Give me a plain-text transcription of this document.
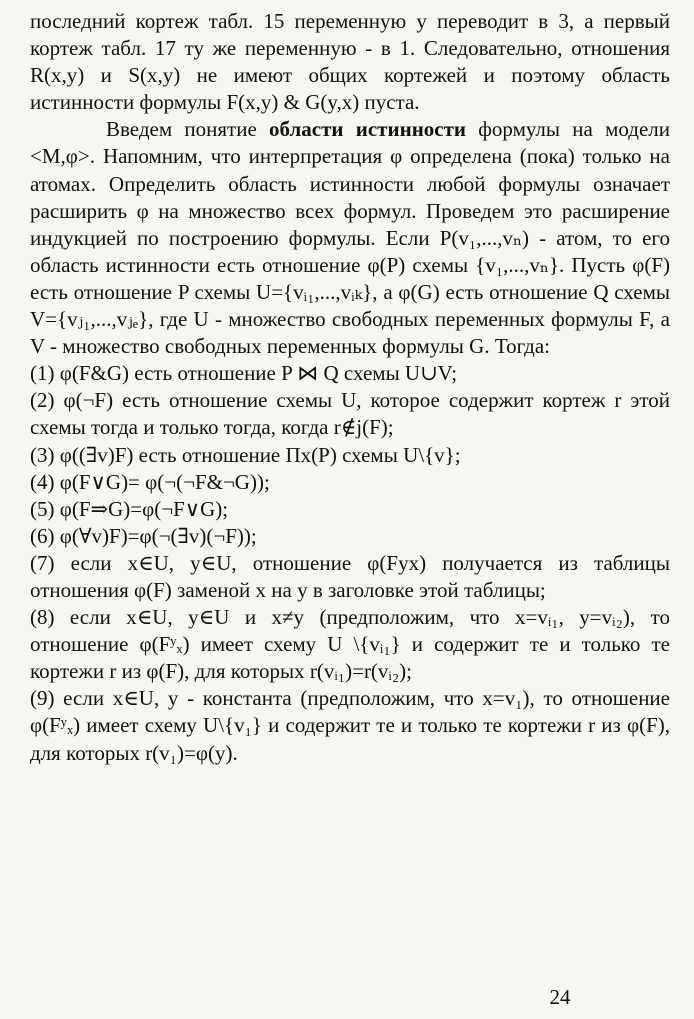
последний кортеж табл. 15 переменную у переводит в 3, а первый кортеж табл. 17 ту же переменную - в 1. Следовательно, отношения R(x,y) и S(x,y) не имеют общих кортежей и поэтому область истинности формулы F(x,y) & G(y,x) пуста.

Введем понятие области истинности формулы на модели <M,φ>. Напомним, что интерпретация φ определена (пока) только на атомах. Определить область истинности любой формулы означает расширить φ на множество всех формул. Проведем это расширение индукцией по построению формулы. Если P(v₁,...,vₙ) - атом, то его область истинности есть отношение φ(P) схемы {v₁,...,vₙ}. Пусть φ(F) есть отношение P схемы U={vᵢ₁,...,vᵢₖ}, а φ(G) есть отношение Q схемы V={vⱼ₁,...,vⱼₑ}, где U - множество свободных переменных формулы F, а V - множество свободных переменных формулы G. Тогда:

(1) φ(F&G) есть отношение P ⋈ Q схемы U∪V;

(2) φ(¬F) есть отношение схемы U, которое содержит кортеж r этой схемы тогда и только тогда, когда r∉j(F);

(3) φ((∃v)F) есть отношение Πx(P) схемы U\{v};

(4) φ(F∨G)= φ(¬(¬F&¬G));

(5) φ(F⇒G)=φ(¬F∨G);

(6) φ(∀v)F)=φ(¬(∃v)(¬F));

(7) если x∈U, y∈U, отношение φ(Fyx) получается из таблицы отношения φ(F) заменой x на y в заголовке этой таблицы;

(8) если x∈U, y∈U и x≠y (предположим, что x=vᵢ₁, y=vᵢ₂), то отношение φ(Fʸₓ) имеет схему U \{vᵢ₁} и содержит те и только те кортежи r из φ(F), для которых r(vᵢ₁)=r(vᵢ₂);

(9) если x∈U, y - константа (предположим, что x=v₁), то отношение φ(Fʸₓ) имеет схему U\{v₁} и содержит те и только те кортежи r из φ(F), для которых r(v₁)=φ(y).

24
